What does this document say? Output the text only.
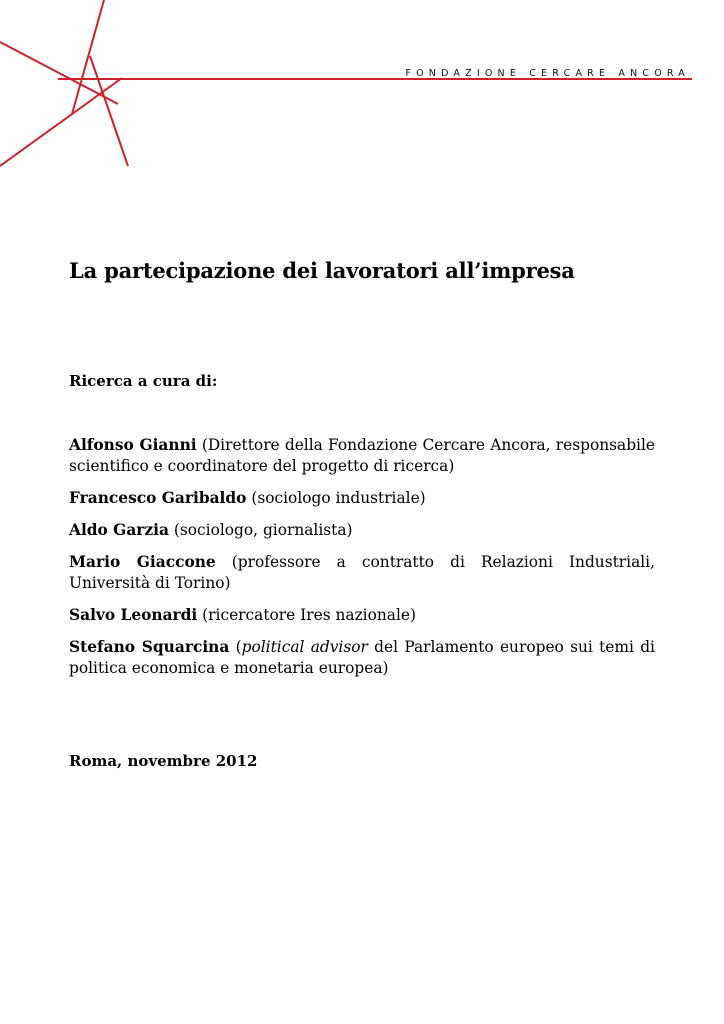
FONDAZIONE CERCARE ANCORA
La partecipazione dei lavoratori all’impresa

Ricerca a cura di:

Alfonso Gianni (Direttore della Fondazione Cercare Ancora, responsabile scientifico e coordinatore del progetto di ricerca)
Francesco Garibaldo (sociologo industriale)
Aldo Garzia (sociologo, giornalista)
Mario Giaccone (professore a contratto di Relazioni Industriali, Università di Torino)
Salvo Leonardi (ricercatore Ires nazionale)
Stefano Squarcina (political advisor del Parlamento europeo sui temi di politica economica e monetaria europea)

Roma, novembre 2012
